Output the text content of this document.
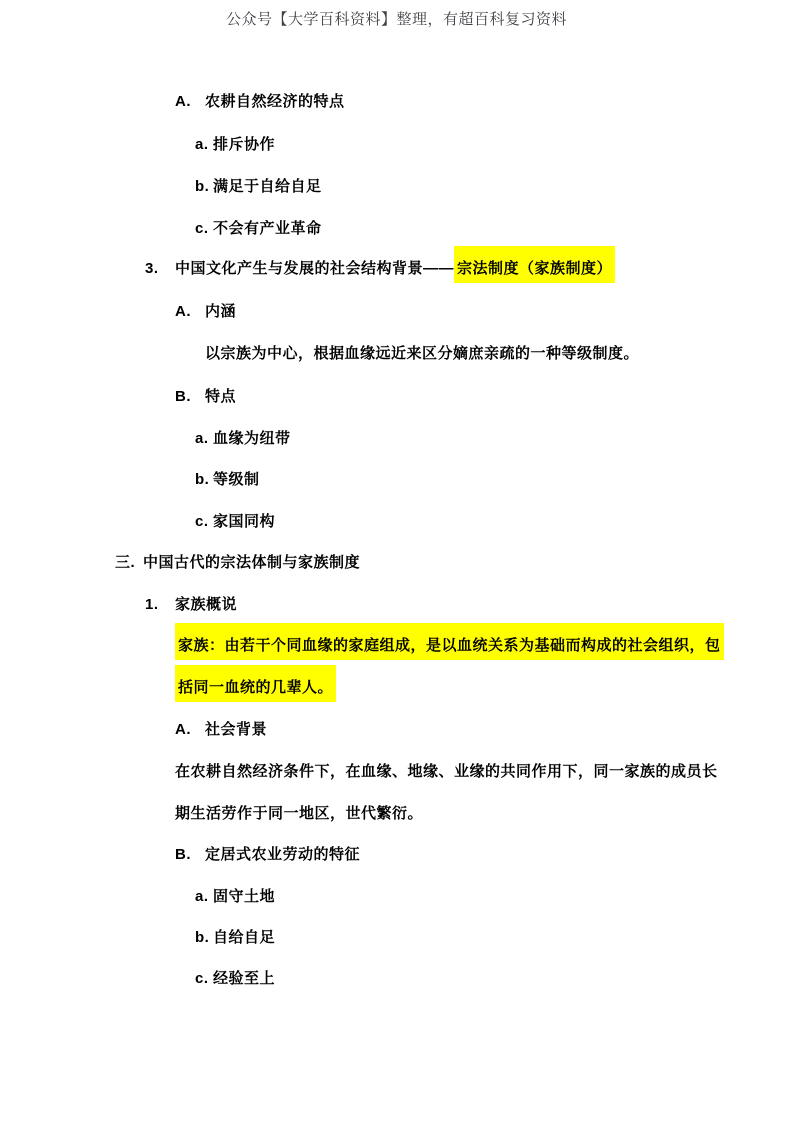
公众号【大学百科资料】整理，有超百科复习资料
A. 农耕自然经济的特点
a. 排斥协作
b. 满足于自给自足
c. 不会有产业革命
3. 中国文化产生与发展的社会结构背景—— 宗法制度（家族制度）
A. 内涵
以宗族为中心，根据血缘远近来区分嫡庶亲疏的一种等级制度。
B. 特点
a. 血缘为纽带
b. 等级制
c. 家国同构
三. 中国古代的宗法体制与家族制度
1. 家族概说
家族：由若干个同血缘的家庭组成，是以血统关系为基础而构成的社会组织，包
括同一血统的几辈人。
A. 社会背景
在农耕自然经济条件下，在血缘、地缘、业缘的共同作用下，同一家族的成员长
期生活劳作于同一地区，世代繁衍。
B. 定居式农业劳动的特征
a. 固守土地
b. 自给自足
c. 经验至上
